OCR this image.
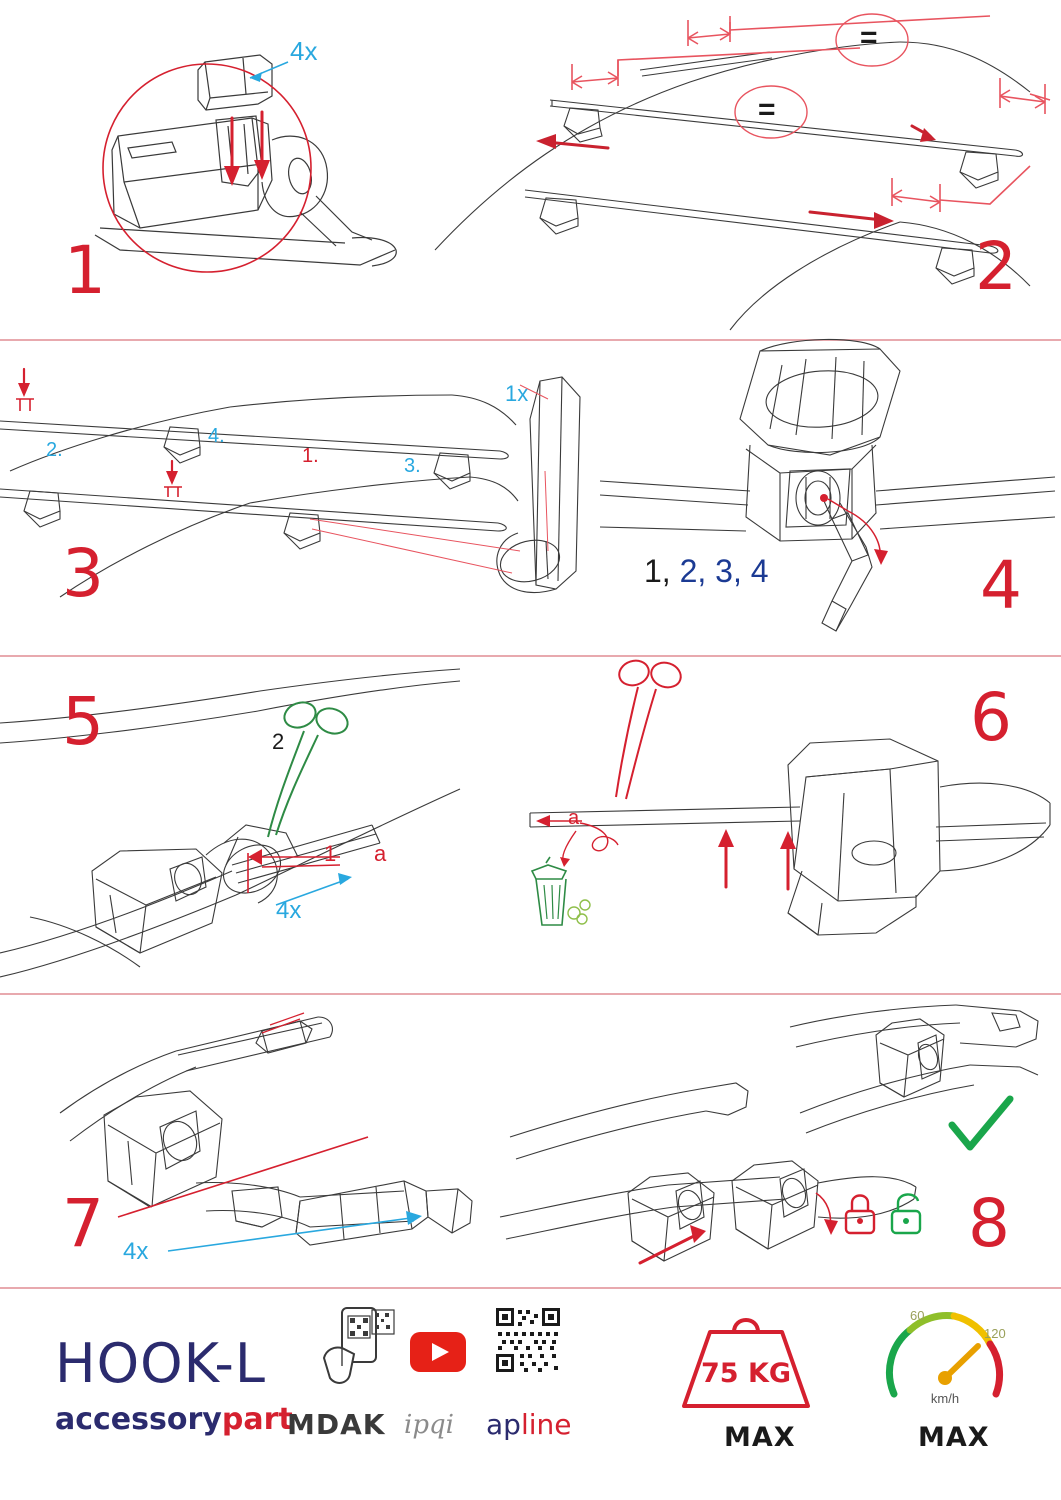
4x
1
=
=
2
2.
4.
3.
1.
1x
3	1, 2, 3, 4	4
2
1 a
4x
5
a
6
4x
7	8
HOOK-L
accessorypart
MDAK ipqi apline
75 KG
MAX
60
120
km/h
MAX
